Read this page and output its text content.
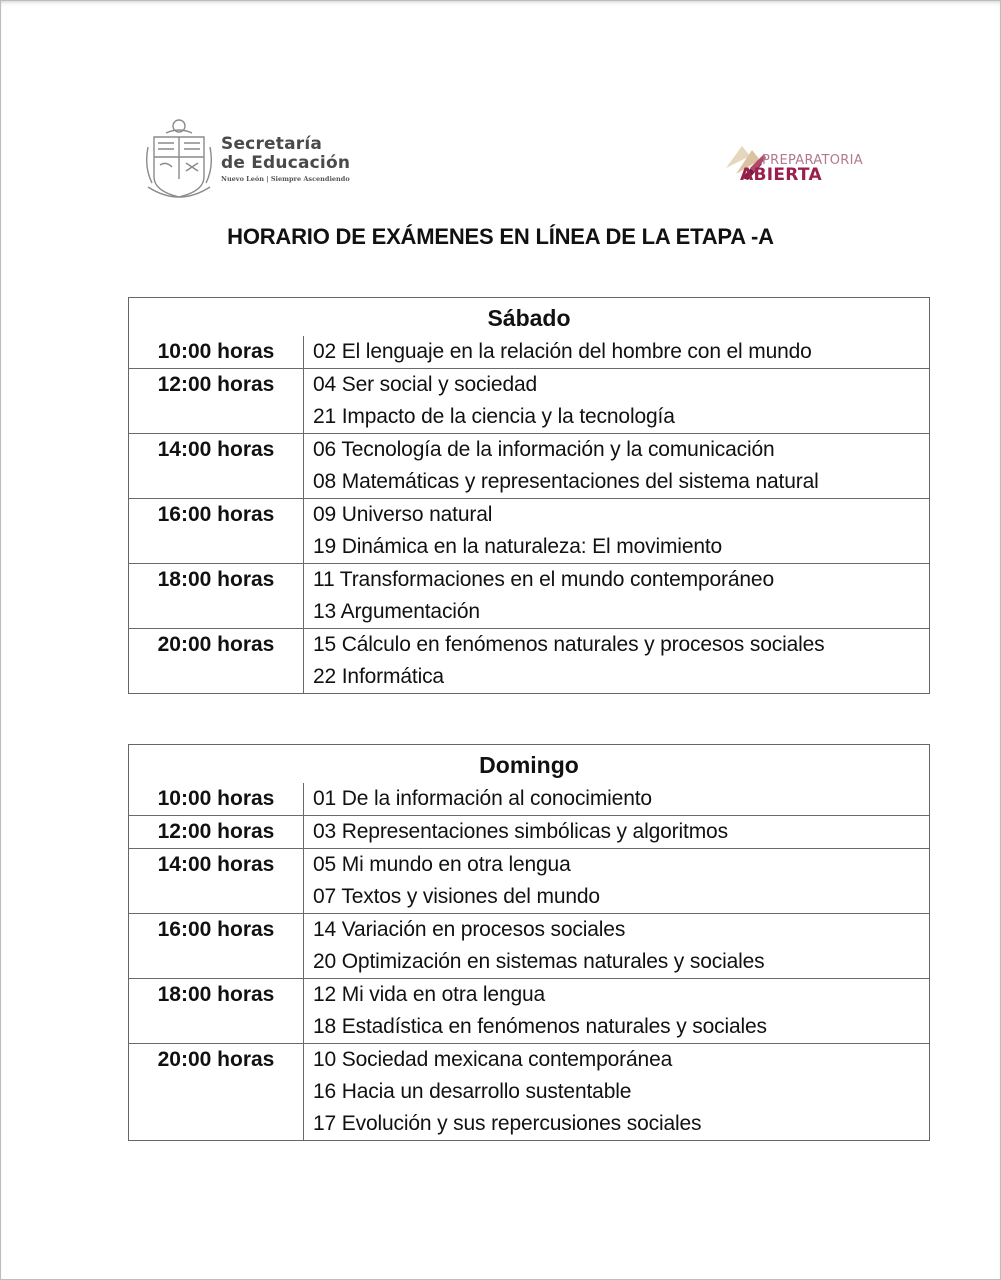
Secretaría
de Educación
Nuevo León | Siempre Ascendiendo
PREPARATORIA
ABIERTA
HORARIO DE EXÁMENES EN LÍNEA DE LA ETAPA -A
Sábado
10:00 horas	02 El lenguaje en la relación del hombre con el mundo
12:00 horas	04 Ser social y sociedad
21 Impacto de la ciencia y la tecnología
14:00 horas	06 Tecnología de la información y la comunicación
08 Matemáticas y representaciones del sistema natural
16:00 horas	09 Universo natural
19 Dinámica en la naturaleza: El movimiento
18:00 horas	11 Transformaciones en el mundo contemporáneo
13 Argumentación
20:00 horas	15 Cálculo en fenómenos naturales y procesos sociales
22 Informática
Domingo
10:00 horas	01 De la información al conocimiento
12:00 horas	03 Representaciones simbólicas y algoritmos
14:00 horas	05 Mi mundo en otra lengua
07 Textos y visiones del mundo
16:00 horas	14 Variación en procesos sociales
20 Optimización en sistemas naturales y sociales
18:00 horas	12 Mi vida en otra lengua
18 Estadística en fenómenos naturales y sociales
20:00 horas	10 Sociedad mexicana contemporánea
16 Hacia un desarrollo sustentable
17 Evolución y sus repercusiones sociales
